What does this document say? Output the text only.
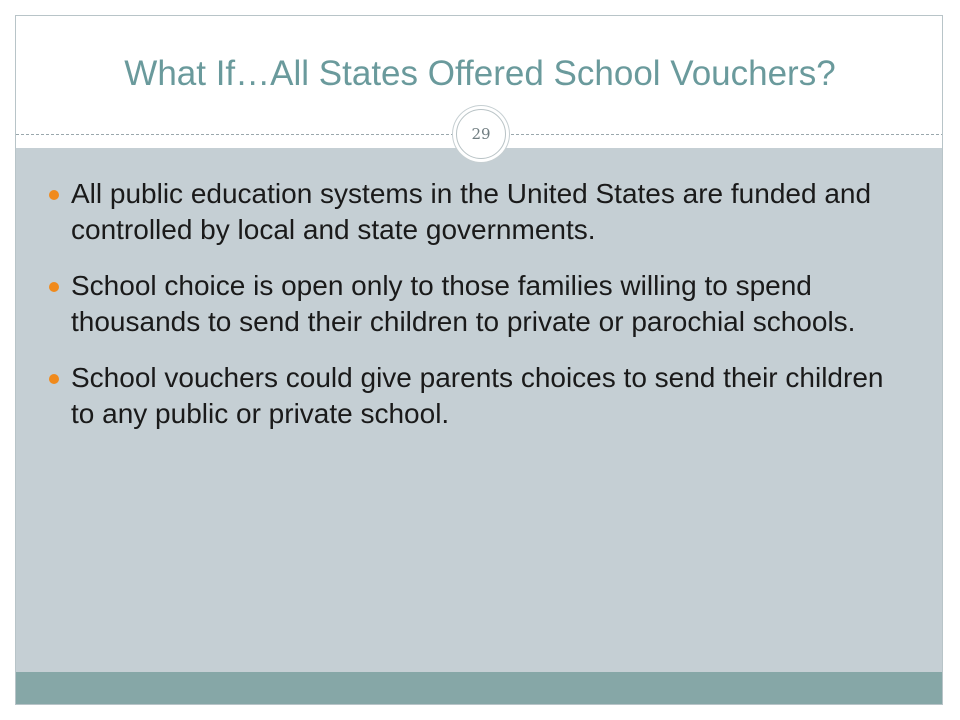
What If…All States Offered School Vouchers?
29
All public education systems in the United States are funded and controlled by local and state governments.
School choice is open only to those families willing to spend thousands to send their children to private or parochial schools.
School vouchers could give parents choices to send their children to any public or private school.
